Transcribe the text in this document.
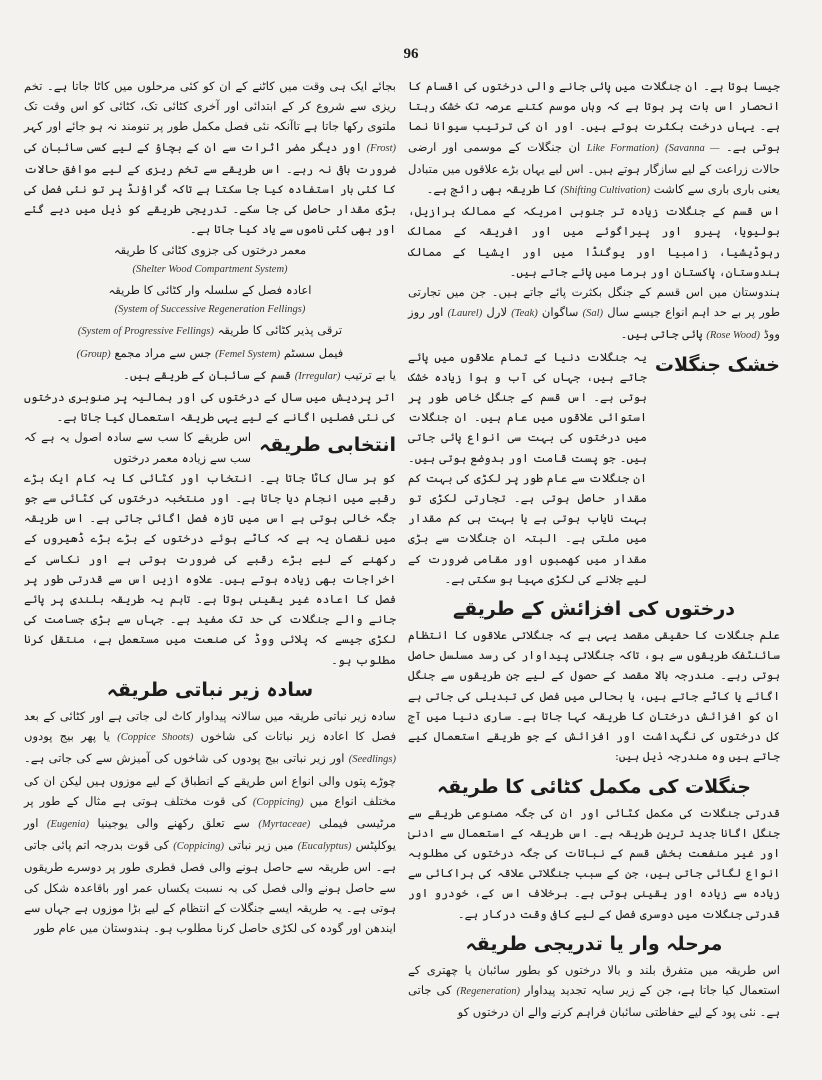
96

جیسا ہوتا ہے۔ ان جنگلات میں پائی جانے والی درختوں کی اقسام کا انحصار اس بات پر ہوتا ہے کہ وہاں موسم کتنے عرصہ تک خشک رہتا ہے۔ یہاں درخت بکثرت ہوتے ہیں۔ اور ان کی ترتیب سیوانا نما ہوتی ہے۔ (Savanna — Like Formation) ان جنگلات کے موسمی اور ارضی حالات زراعت کے لیے سازگار ہوتے ہیں۔ اس لیے یہاں بڑے علاقوں میں متبادل یعنی باری باری سے کاشت (Shifting Cultivation) کا طریقہ بھی رائج ہے۔

اس قسم کے جنگلات زیادہ تر جنوبی امریکہ کے ممالک برازیل، بولیویا، پیرو اور پیراگوئے میں اور افریقہ کے ممالک رہوڈیشیا، زامبیا اور یوگنڈا میں اور ایشیا کے ممالک ہندوستان، پاکستان اور برما میں پائے جاتے ہیں۔

ہندوستان میں اس قسم کے جنگل بکثرت پائے جاتے ہیں۔ جن میں تجارتی طور پر بے حد اہم انواع جیسے سال (Sal) ساگوان (Teak) لارل (Laurel) اور روز ووڈ (Rose Wood) پائی جاتی ہیں۔

خشک جنگلات

یہ جنگلات دنیا کے تمام علاقوں میں پائے جاتے ہیں، جہاں کی آب و ہوا زیادہ خشک ہوتی ہے۔ اس قسم کے جنگل خاص طور پر استوائی علاقوں میں عام ہیں۔ ان جنگلات میں درختوں کی بہت سی انواع پائی جاتی ہیں۔ جو پست قامت اور بدوضع ہوتی ہیں۔ ان جنگلات سے عام طور پر لکڑی کی بہت کم مقدار حاصل ہوتی ہے۔ تجارتی لکڑی تو بہت نایاب ہوتی ہے یا بہت ہی کم مقدار میں ملتی ہے۔ البتہ ان جنگلات سے بڑی مقدار میں کھمبوں اور مقامی ضرورت کے لیے جلانے کی لکڑی مہیا ہو سکتی ہے۔

درختوں کی افزائش کے طریقے

علم جنگلات کا حقیقی مقصد یہی ہے کہ جنگلاتی علاقوں کا انتظام سائنٹفک طریقوں سے ہو، تاکہ جنگلاتی پیداوار کی رسد مسلسل حاصل ہوتی رہے۔ مندرجہ بالا مقصد کے حصول کے لیے جن طریقوں سے جنگل اگائے یا کاٹے جاتے ہیں، یا بحالی میں فصل کی تبدیلی کی جاتی ہے ان کو افزائش درختان کا طریقہ کہا جاتا ہے۔ ساری دنیا میں آج کل درختوں کی نگہداشت اور افزائش کے جو طریقے استعمال کیے جاتے ہیں وہ مندرجہ ذیل ہیں:

جنگلات کی مکمل کٹائی کا طریقہ

قدرتی جنگلات کی مکمل کٹائی اور ان کی جگہ مصنوعی طریقے سے جنگل اگانا جدید ترین طریقہ ہے۔ اس طریقہ کے استعمال سے ادنیٰ اور غیر منفعت بخش قسم کے نباتات کی جگہ درختوں کی مطلوبہ انواع لگائی جاتی ہیں، جن کے سبب جنگلاتی علاقہ کی ہراکائی سے زیادہ سے زیادہ اور یقینی ہوتی ہے۔ برخلاف اس کے، خودرو اور قدرتی جنگلات میں دوسری فصل کے لیے کافی وقت درکار ہے۔

مرحلہ وار یا تدریجی طریقہ

اس طریقہ میں متفرق بلند و بالا درختوں کو بطور سائبان یا چھتری کے استعمال کیا جاتا ہے، جن کے زیر سایہ تجدید پیداوار (Regeneration) کی جاتی ہے۔ نئی پود کے لیے حفاظتی سائبان فراہم کرنے والے ان درختوں کو

بجائے ایک ہی وقت میں کاٹنے کے ان کو کئی مرحلوں میں کاٹا جاتا ہے۔ تخم ریزی سے شروع کر کے ابتدائی اور آخری کٹائی تک، کٹائی کو اس وقت تک ملتوی رکھا جاتا ہے تاآنکہ نئی فصل مکمل طور پر تنومند نہ ہو جائے اور کہر (Frost) اور دیگر مضر اثرات سے ان کے بچاؤ کے لیے کسی سائبان کی ضرورت باقی نہ رہے۔ اس طریقے سے تخم ریزی کے لیے موافق حالات کا کئی بار استفادہ کیا جا سکتا ہے تاکہ گراؤنڈ پر تو نئی فصل کی بڑی مقدار حاصل کی جا سکے۔ تدریجی طریقے کو ذیل میں دیے گئے اور بھی کئی ناموں سے یاد کیا جاتا ہے۔

معمر درختوں کی جزوی کٹائی کا طریقہ

(Shelter Wood Compartment System)

اعادہ فصل کے سلسلہ وار کٹائی کا طریقہ

(System of Successive Regeneration Fellings)

ترقی پذیر کٹائی کا طریقہ (System of Progressive Fellings)

فیمل سسٹم (Femel System) جس سے مراد مجمع (Group)

یا بے ترتیب (Irregular) قسم کے سائبان کے طریقے ہیں۔

اتر پردیش میں سال کے درختوں کی اور ہمالیہ پر صنوبری درختوں کی نئی فصلیں اگانے کے لیے یہی طریقہ استعمال کیا جاتا ہے۔

انتخابی طریقہ

اس طریقے کا سب سے سادہ اصول یہ ہے کہ سب سے زیادہ معمر درختوں

کو ہر سال کاٹا جاتا ہے۔ انتخاب اور کٹائی کا یہ کام ایک بڑے رقبے میں انجام دیا جاتا ہے۔ اور منتخبہ درختوں کی کٹائی سے جو جگہ خالی ہوتی ہے اس میں تازہ فصل اگائی جاتی ہے۔ اس طریقہ میں نقصان یہ ہے کہ کاٹے ہوئے درختوں کے بڑے بڑے ڈھیروں کے رکھنے کے لیے بڑے رقبے کی ضرورت ہوتی ہے اور نکاسی کے اخراجات بھی زیادہ ہوتے ہیں۔ علاوہ ازیں اس سے قدرتی طور پر فصل کا اعادہ غیر یقینی ہوتا ہے۔ تاہم یہ طریقہ بلندی پر پائے جانے والے جنگلات کی حد تک مفید ہے۔ جہاں سے بڑی جسامت کی لکڑی جیسے کہ پلائی ووڈ کی صنعت میں مستعمل ہے، منتقل کرنا مطلوب ہو۔

سادہ زیر نباتی طریقہ

سادہ زیر نباتی طریقہ میں سالانہ پیداوار کاٹ لی جاتی ہے اور کٹائی کے بعد فصل کا اعادہ زیر نباتات کی شاخوں (Coppice Shoots) یا پھر بیج پودوں (Seedlings) اور زیر نباتی بیج پودوں کی شاخوں کی آمیزش سے کی جاتی ہے۔ چوڑے پتوں والی انواع اس طریقے کے انطباق کے لیے موزوں ہیں لیکن ان کی مختلف انواع میں (Coppicing) کی قوت مختلف ہوتی ہے مثال کے طور پر مرٹیسی فیملی (Myrtaceae) سے تعلق رکھنے والی یوجینیا (Eugenia) اور یوکلپٹس (Eucalyptus) میں زیر نباتی (Coppicing) کی قوت بدرجہ اتم پائی جاتی ہے۔ اس طریقہ سے حاصل ہونے والی فصل فطری طور پر دوسرے طریقوں سے حاصل ہونے والی فصل کی بہ نسبت یکساں عمر اور باقاعدہ شکل کی ہوتی ہے۔ یہ طریقہ ایسے جنگلات کے انتظام کے لیے بڑا موزوں ہے جہاں سے ایندھن اور گودہ کی لکڑی حاصل کرنا مطلوب ہو۔ ہندوستان میں عام طور
